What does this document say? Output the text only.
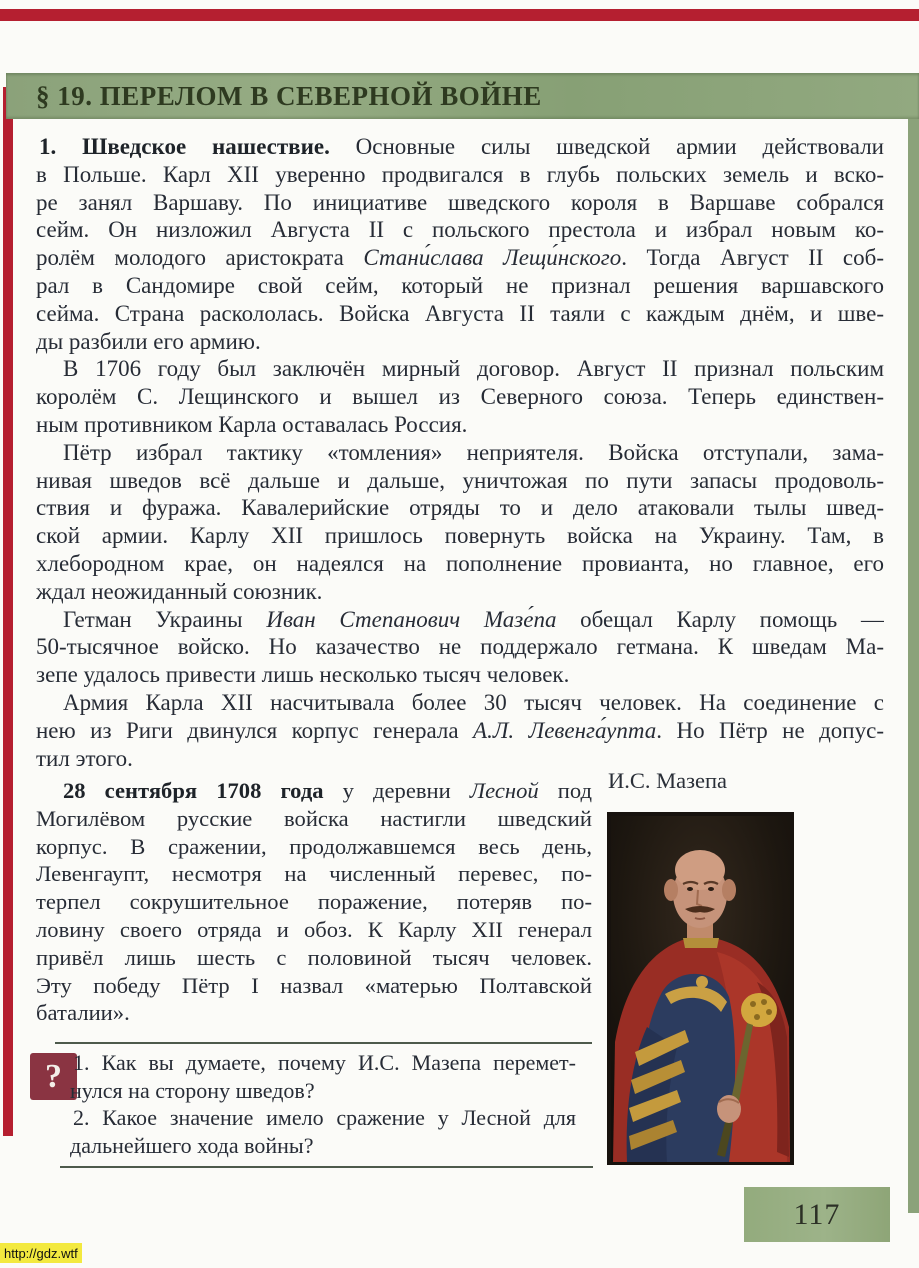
§ 19. ПЕРЕЛОМ В СЕВЕРНОЙ ВОЙНЕ
1. Шведское нашествие. Основные силы шведской армии действовали
в Польше. Карл XII уверенно продвигался в глубь польских земель и вско-
ре занял Варшаву. По инициативе шведского короля в Варшаве собрался
сейм. Он низложил Августа II с польского престола и избрал новым ко-
ролём молодого аристократа Стани́слава Лещи́нского. Тогда Август II соб-
рал в Сандомире свой сейм, который не признал решения варшавского
сейма. Страна раскололась. Войска Августа II таяли с каждым днём, и шве-
ды разбили его армию.
В 1706 году был заключён мирный договор. Август II признал польским
королём С. Лещинского и вышел из Северного союза. Теперь единствен-
ным противником Карла оставалась Россия.
Пётр избрал тактику «томления» неприятеля. Войска отступали, зама-
нивая шведов всё дальше и дальше, уничтожая по пути запасы продоволь-
ствия и фуража. Кавалерийские отряды то и дело атаковали тылы швед-
ской армии. Карлу XII пришлось повернуть войска на Украину. Там, в
хлебородном крае, он надеялся на пополнение провианта, но главное, его
ждал неожиданный союзник.
Гетман Украины Иван Степанович Мазе́па обещал Карлу помощь —
50-тысячное войско. Но казачество не поддержало гетмана. К шведам Ма-
зепе удалось привести лишь несколько тысяч человек.
Армия Карла XII насчитывала более 30 тысяч человек. На соединение с
нею из Риги двинулся корпус генерала А.Л. Левенга́упта. Но Пётр не допус-
тил этого.
28 сентября 1708 года у деревни Лесной под
Могилёвом русские войска настигли шведский
корпус. В сражении, продолжавшемся весь день,
Левенгаупт, несмотря на численный перевес, по-
терпел сокрушительное поражение, потеряв по-
ловину своего отряда и обоз. К Карлу XII генерал
привёл лишь шесть с половиной тысяч человек.
Эту победу Пётр I назвал «матерью Полтавской
баталии».
И.С. Мазепа
? 1. Как вы думаете, почему И.С. Мазепа перемет-
нулся на сторону шведов?
2. Какое значение имело сражение у Лесной для
дальнейшего хода войны?
117
http://gdz.wtf
